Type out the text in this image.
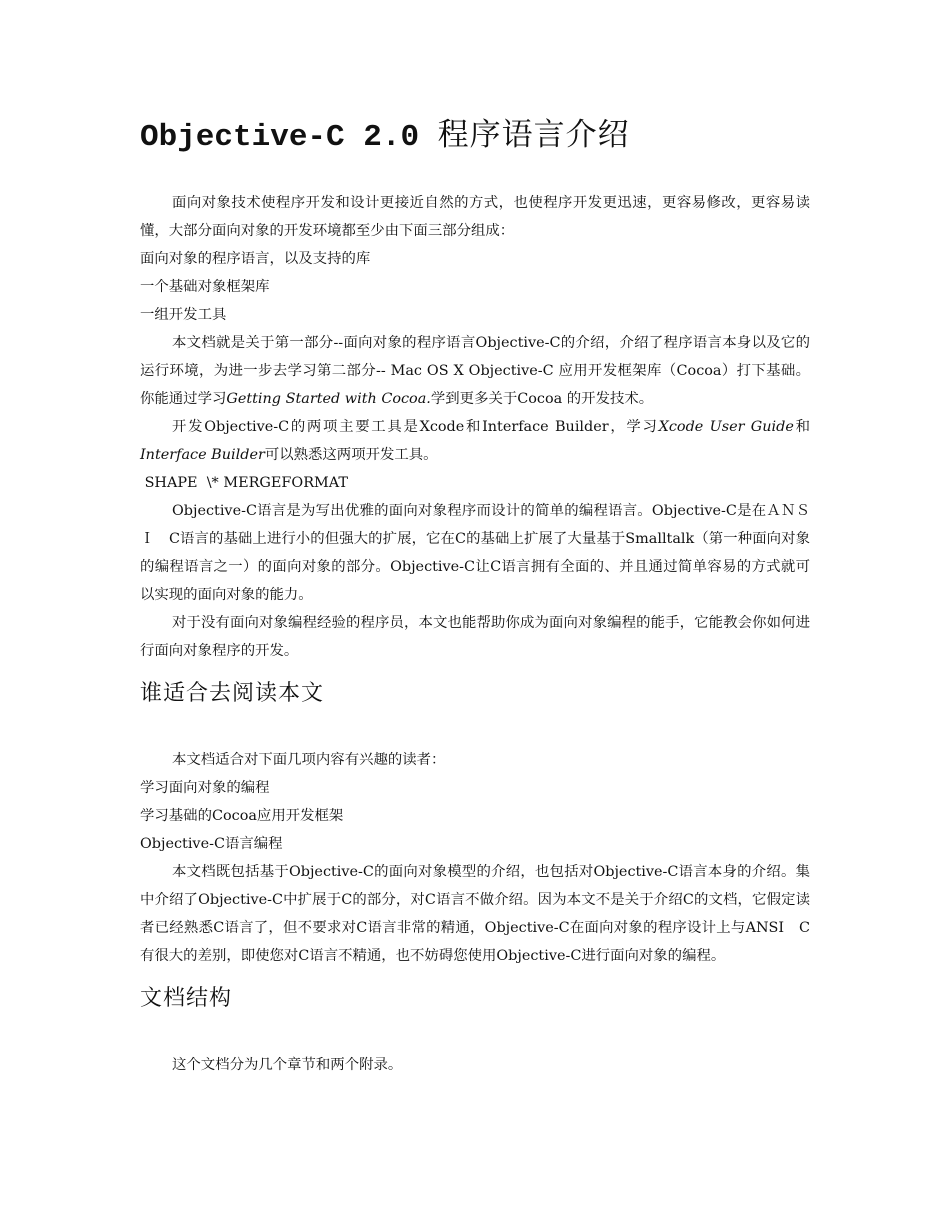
Objective-C 2.0 程序语言介绍

面向对象技术使程序开发和设计更接近自然的方式，也使程序开发更迅速，更容易修改，更容易读懂，大部分面向对象的开发环境都至少由下面三部分组成：

面向对象的程序语言，以及支持的库

一个基础对象框架库

一组开发工具

本文档就是关于第一部分--面向对象的程序语言Objective-C的介绍，介绍了程序语言本身以及它的运行环境，为进一步去学习第二部分-- Mac OS X Objective-C 应用开发框架库（Cocoa）打下基础。你能通过学习Getting Started with Cocoa.学到更多关于Cocoa 的开发技术。

开发Objective-C的两项主要工具是Xcode和Interface Builder，学习Xcode User Guide和Interface Builder可以熟悉这两项开发工具。

SHAPE  \* MERGEFORMAT

Objective-C语言是为写出优雅的面向对象程序而设计的简单的编程语言。Objective-C是在ＡＮＳＩ　C语言的基础上进行小的但强大的扩展，它在C的基础上扩展了大量基于Smalltalk（第一种面向对象的编程语言之一）的面向对象的部分。Objective-C让C语言拥有全面的、并且通过简单容易的方式就可以实现的面向对象的能力。

对于没有面向对象编程经验的程序员，本文也能帮助你成为面向对象编程的能手，它能教会你如何进行面向对象程序的开发。

谁适合去阅读本文

本文档适合对下面几项内容有兴趣的读者：

学习面向对象的编程

学习基础的Cocoa应用开发框架

Objective-C语言编程

本文档既包括基于Objective-C的面向对象模型的介绍，也包括对Objective-C语言本身的介绍。集中介绍了Objective-C中扩展于C的部分，对C语言不做介绍。因为本文不是关于介绍C的文档，它假定读者已经熟悉C语言了，但不要求对C语言非常的精通，Objective-C在面向对象的程序设计上与ANSI　C有很大的差别，即使您对C语言不精通，也不妨碍您使用Objective-C进行面向对象的编程。

文档结构

这个文档分为几个章节和两个附录。
